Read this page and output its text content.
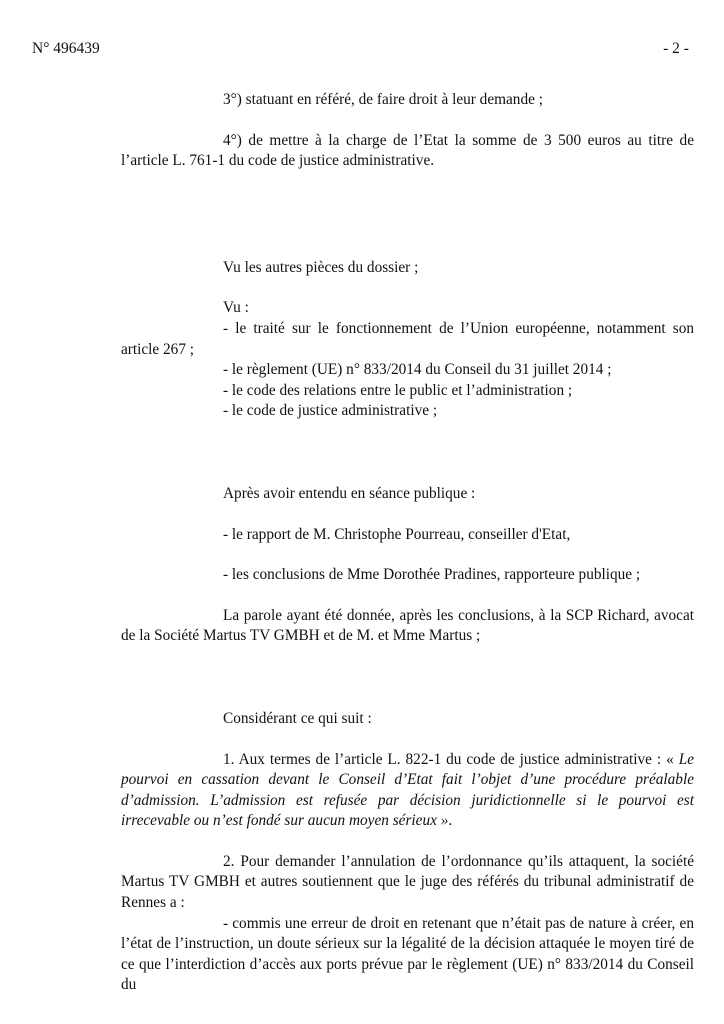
N° 496439	- 2 -

3°) statuant en référé, de faire droit à leur demande ;

4°) de mettre à la charge de l’Etat la somme de 3 500 euros au titre de l’article L. 761-1 du code de justice administrative.

Vu les autres pièces du dossier ;

Vu :

- le traité sur le fonctionnement de l’Union européenne, notamment son article 267 ;

- le règlement (UE) n° 833/2014 du Conseil du 31 juillet 2014 ;

- le code des relations entre le public et l’administration ;

- le code de justice administrative ;

Après avoir entendu en séance publique :

- le rapport de M. Christophe Pourreau, conseiller d'Etat,

- les conclusions de Mme Dorothée Pradines, rapporteure publique ;

La parole ayant été donnée, après les conclusions, à la SCP Richard, avocat de la Société Martus TV GMBH et de M. et Mme Martus ;

Considérant ce qui suit :

1. Aux termes de l’article L. 822-1 du code de justice administrative : « Le pourvoi en cassation devant le Conseil d’Etat fait l’objet d’une procédure préalable d’admission. L’admission est refusée par décision juridictionnelle si le pourvoi est irrecevable ou n’est fondé sur aucun moyen sérieux ».

2. Pour demander l’annulation de l’ordonnance qu’ils attaquent, la société Martus TV GMBH et autres soutiennent que le juge des référés du tribunal administratif de Rennes a :

- commis une erreur de droit en retenant que n’était pas de nature à créer, en l’état de l’instruction, un doute sérieux sur la légalité de la décision attaquée le moyen tiré de ce que l’interdiction d’accès aux ports prévue par le règlement (UE) n° 833/2014 du Conseil du
